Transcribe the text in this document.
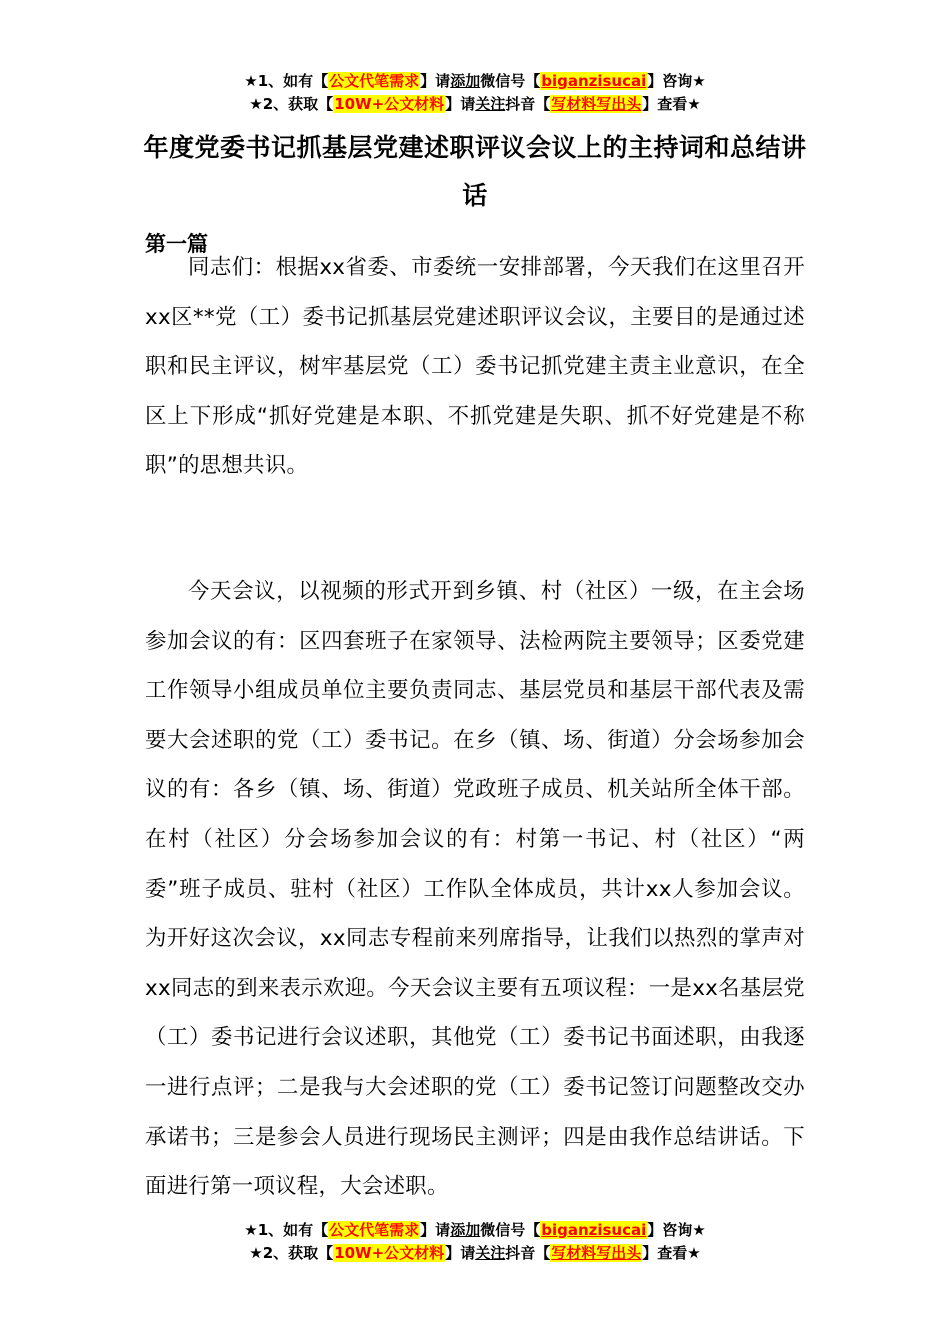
★1、如有【公文代笔需求】请添加微信号【biganzisucai】咨询★
★2、获取【10W+公文材料】请关注抖音【写材料写出头】查看★
年度党委书记抓基层党建述职评议会议上的主持词和总结讲话
第一篇
同志们：根据xx省委、市委统一安排部署，今天我们在这里召开xx区**党（工）委书记抓基层党建述职评议会议，主要目的是通过述职和民主评议，树牢基层党（工）委书记抓党建主责主业意识，在全区上下形成“抓好党建是本职、不抓党建是失职、抓不好党建是不称职”的思想共识。
今天会议，以视频的形式开到乡镇、村（社区）一级，在主会场参加会议的有：区四套班子在家领导、法检两院主要领导；区委党建工作领导小组成员单位主要负责同志、基层党员和基层干部代表及需要大会述职的党（工）委书记。在乡（镇、场、街道）分会场参加会议的有：各乡（镇、场、街道）党政班子成员、机关站所全体干部。在村（社区）分会场参加会议的有：村第一书记、村（社区）“两委”班子成员、驻村（社区）工作队全体成员，共计xx人参加会议。为开好这次会议，xx同志专程前来列席指导，让我们以热烈的掌声对xx同志的到来表示欢迎。今天会议主要有五项议程：一是xx名基层党（工）委书记进行会议述职，其他党（工）委书记书面述职，由我逐一进行点评；二是我与大会述职的党（工）委书记签订问题整改交办承诺书；三是参会人员进行现场民主测评；四是由我作总结讲话。下面进行第一项议程，大会述职。
★1、如有【公文代笔需求】请添加微信号【biganzisucai】咨询★
★2、获取【10W+公文材料】请关注抖音【写材料写出头】查看★
